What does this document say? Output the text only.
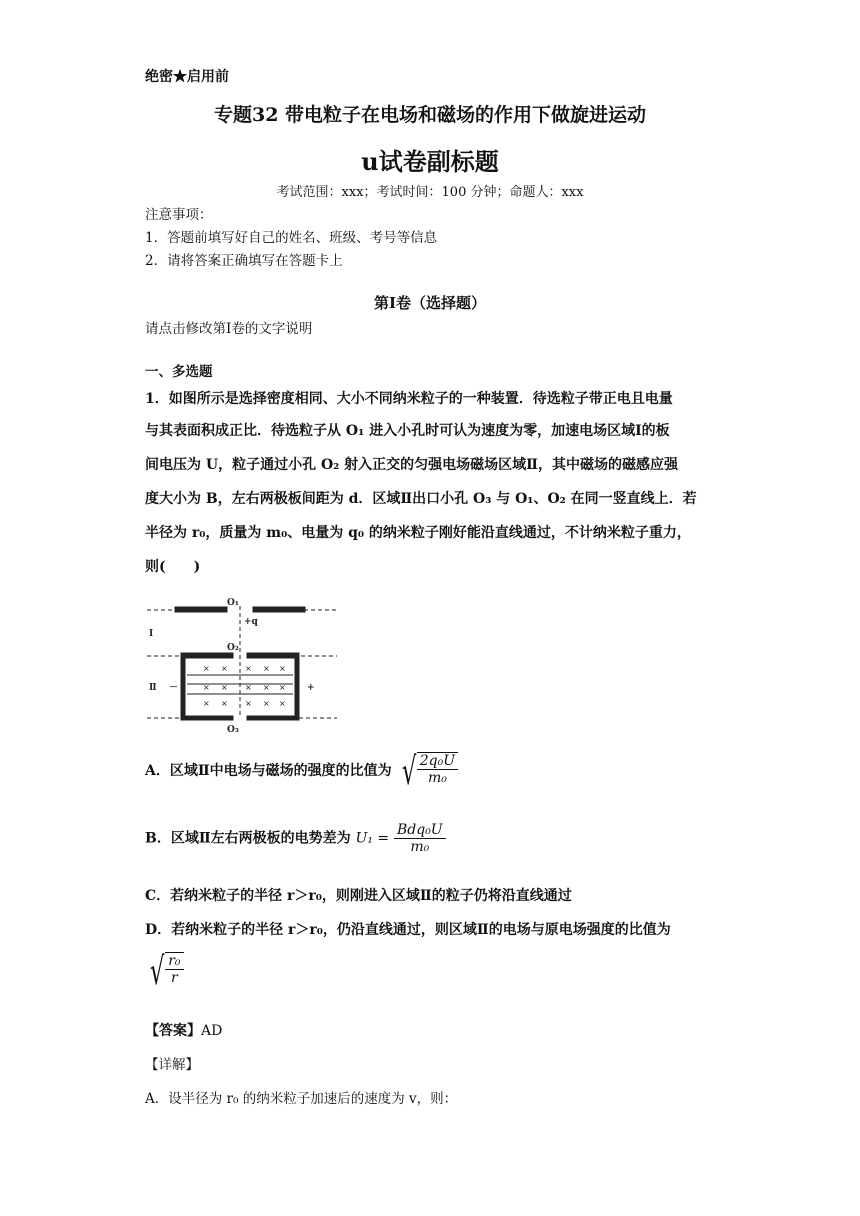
绝密★启用前
专题32 带电粒子在电场和磁场的作用下做旋进运动
u试卷副标题
考试范围：xxx；考试时间：100 分钟；命题人：xxx
注意事项：
1．答题前填写好自己的姓名、班级、考号等信息
2．请将答案正确填写在答题卡上
第Ⅰ卷（选择题）
请点击修改第I卷的文字说明
一、多选题
1．如图所示是选择密度相同、大小不同纳米粒子的一种装置．待选粒子带正电且电量
与其表面积成正比．待选粒子从 O₁ 进入小孔时可认为速度为零，加速电场区域Ⅰ的板
间电压为 U，粒子通过小孔 O₂ 射入正交的匀强电场磁场区域Ⅱ，其中磁场的磁感应强
度大小为 B，左右两极板间距为 d．区域Ⅱ出口小孔 O₃ 与 O₁、O₂ 在同一竖直线上．若
半径为 r₀，质量为 m₀、电量为 q₀ 的纳米粒子刚好能沿直线通过，不计纳米粒子重力，
则(　　)
× × × × ×
× × × × ×
× × × × ×
O₁
+q
O₂
O₃
Ⅰ
Ⅱ －	+
A．区域Ⅱ中电场与磁场的强度的比值为 √ $\frac{\text{2q₀U}}{\text{m₀}}$
B．区域Ⅱ左右两极板的电势差为 $U_1 = \frac{\text{Bdq₀U}}{\text{m₀}}$
C．若纳米粒子的半径 r＞r₀，则刚进入区域Ⅱ的粒子仍将沿直线通过
D．若纳米粒子的半径 r＞r₀，仍沿直线通过，则区域Ⅱ的电场与原电场强度的比值为
√ $\frac{\text{r₀}}{r}$
【答案】AD
【详解】
A．设半径为 r₀ 的纳米粒子加速后的速度为 v，则：
